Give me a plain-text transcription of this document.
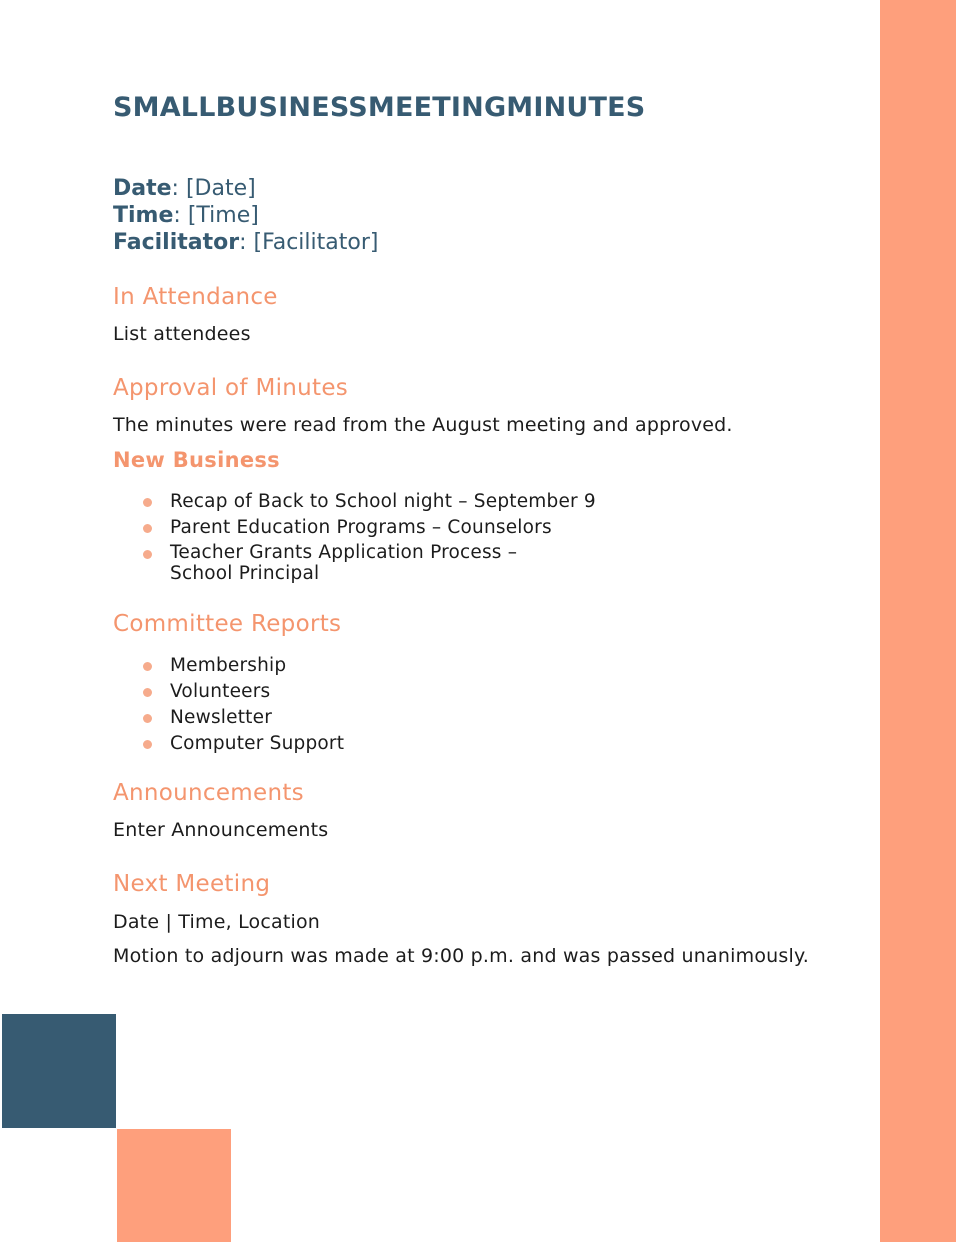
SMALLBUSINESSMEETINGMINUTES
Date: [Date]
Time: [Time]
Facilitator: [Facilitator]
In Attendance
List attendees
Approval of Minutes
The minutes were read from the August meeting and approved.
New Business
Recap of Back to School night – September 9
Parent Education Programs – Counselors
Teacher Grants Application Process – School Principal
Committee Reports
Membership
Volunteers
Newsletter
Computer Support
Announcements
Enter Announcements
Next Meeting
Date | Time, Location
Motion to adjourn was made at 9:00 p.m. and was passed unanimously.
